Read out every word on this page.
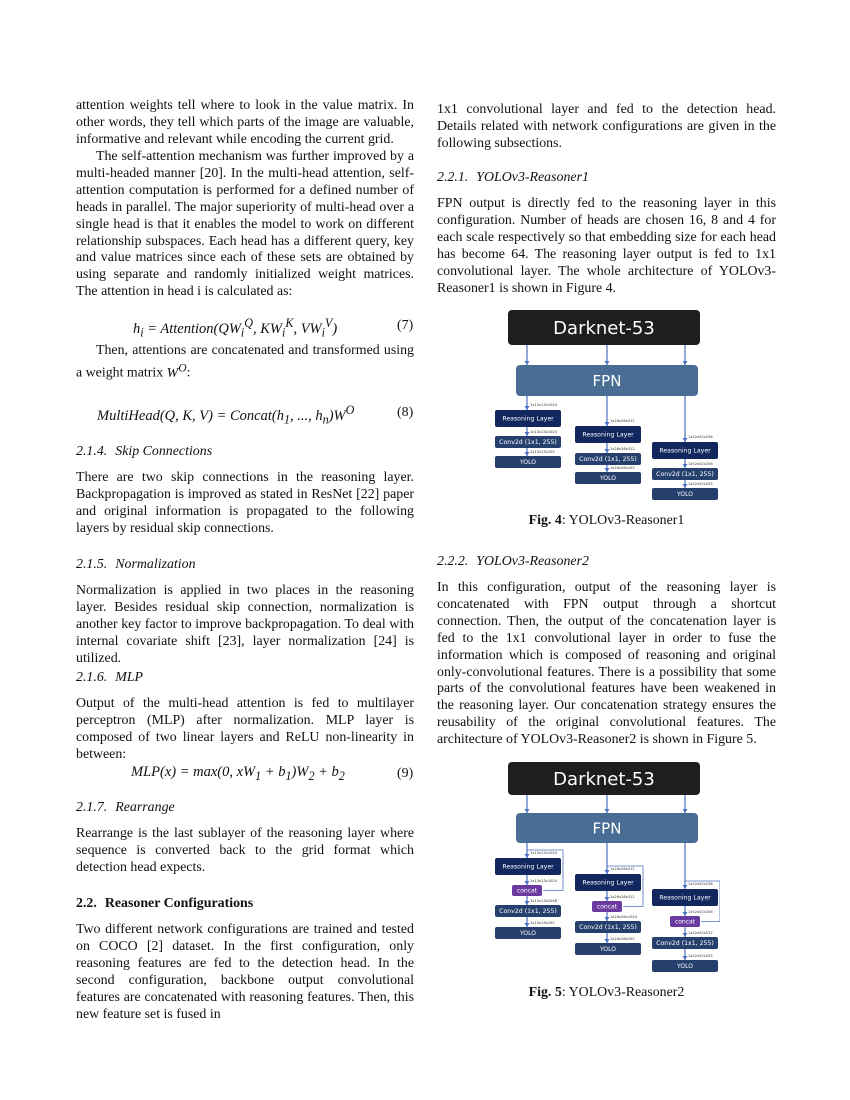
attention weights tell where to look in the value matrix. In other words, they tell which parts of the image are valuable, informative and relevant while encoding the current grid.
The self-attention mechanism was further improved by a multi-headed manner [20]. In the multi-head attention, self-attention computation is performed for a defined number of heads in parallel. The major superiority of multi-head over a single head is that it enables the model to work on different relationship subspaces. Each head has a different query, key and value matrices since each of these sets are obtained by using separate and randomly initialized weight matrices. The attention in head i is calculated as:
$h_i$ = $Attention(QW_i^Q$, $KW_i^K$, $VW_i^V$)	(7)
Then, attentions are concatenated and transformed using a weight matrix $W^O$:
MultiHead(Q, K, $V) = Concat(h_1$, ..., $h_n)W^O$	(8)
2.1.4. Skip Connections
There are two skip connections in the reasoning layer. Backpropagation is improved as stated in ResNet [22] paper and original information is propagated to the following layers by residual skip connections.
2.1.5. Normalization
Normalization is applied in two places in the reasoning layer. Besides residual skip connection, normalization is another key factor to improve backpropagation. To deal with internal covariate shift [23], layer normalization [24] is utilized.
2.1.6. MLP
Output of the multi-head attention is fed to multilayer perceptron (MLP) after normalization. MLP layer is composed of two linear layers and ReLU non-linearity in between:
MLP(x) = max(0, $xW_1 + b_1)W_2 + b_2$	(9)
2.1.7. Rearrange
Rearrange is the last sublayer of the reasoning layer where sequence is converted back to the grid format which detection head expects.
2.2. Reasoner Configurations
Two different network configurations are trained and tested on COCO [2] dataset. In the first configuration, only reasoning features are fed to the detection head. In the second configuration, backbone output convolutional features are concatenated with reasoning features. Then, this new feature set is fused in
1x1 convolutional layer and fed to the detection head. Details related with network configurations are given in the following subsections.
2.2.1. YOLOv3-Reasoner1
FPN output is directly fed to the reasoning layer in this configuration. Number of heads are chosen 16, 8 and 4 for each scale respectively so that embedding size for each head has become 64. The reasoning layer output is fed to 1x1 convolutional layer. The whole architecture of YOLOv3-Reasoner1 is shown in Figure 4.
Darknet-53
FPN
1x13x13x1024
Reasoning Layer
1x13x13x1024
Conv2d (1x1, 255)
1x13x13x255
YOLO
1x26x26x512
Reasoning Layer
1x26x26x512
Conv2d (1x1, 255)
1x26x26x255
YOLO
1x52x52x256
Reasoning Layer
1x52x52x256
Conv2d (1x1, 255)
1x52x52x255
YOLO
Fig. 4: YOLOv3-Reasoner1
2.2.2. YOLOv3-Reasoner2
In this configuration, output of the reasoning layer is concatenated with FPN output through a shortcut connection. Then, the output of the concatenation layer is fed to the 1x1 convolutional layer in order to fuse the information which is composed of reasoning and original only-convolutional features. There is a possibility that some parts of the convolutional features have been weakened in the reasoning layer. Our concatenation strategy ensures the reusability of the original convolutional features. The architecture of YOLOv3-Reasoner2 is shown in Figure 5.
Darknet-53
FPN
1x13x13x1024
Reasoning Layer
1x13x13x1024
concat
1x13x13x2048
Conv2d (1x1, 255)
1x13x13x255
YOLO
1x26x26x512
Reasoning Layer
1x26x26x512
concat
1x26x26x1024
Conv2d (1x1, 255)
1x26x26x255
YOLO
1x52x52x256
Reasoning Layer
1x52x52x256
concat
1x52x52x512
Conv2d (1x1, 255)
1x52x52x255
YOLO
Fig. 5: YOLOv3-Reasoner2
